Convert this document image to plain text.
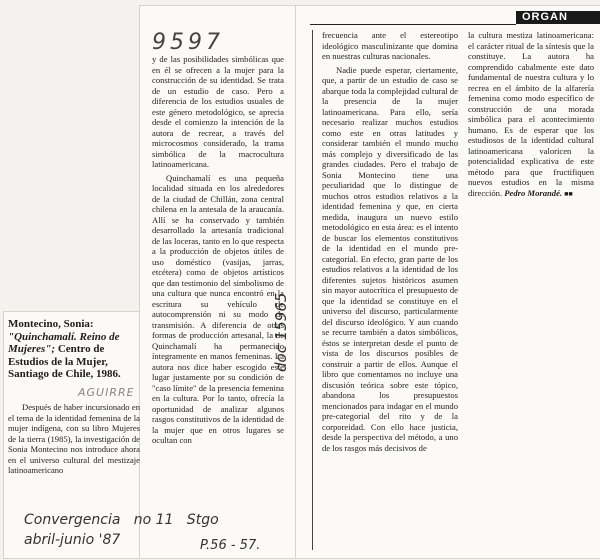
ORGAN
9597

y de las posibilidades simbólicas que en él se ofrecen a la mujer para la construcción de su identidad. Se trata de un estudio de caso. Pero a diferencia de los estudios usuales de este género metodológico, se aprecia desde el comienzo la intención de la autora de recrear, a través del microcosmos considerado, la trama simbólica de la macrocultura latinoamericana.

Quinchamalí es una pequeña localidad situada en los alrededores de la ciudad de Chillán, zona central chilena en la antesala de la araucanía. Allí se ha conservado y también desarrollado la artesanía tradicional de las loceras, tanto en lo que respecta a la producción de objetos útiles de uso doméstico (vasijas, jarras, etcétera) como de objetos artísticos que dan testimonio del simbolismo de una cultura que nunca encontró en la escritura su vehículo de autocomprensión ni su modo de transmisión. A diferencia de otras formas de producción artesanal, la de Quinchamalí ha permanecido íntegramente en manos femeninas. La autora nos dice haber escogido este lugar justamente por su condición de "caso límite" de la presencia femenina en la cultura. Por lo tanto, ofrecía la oportunidad de analizar algunos rasgos constitutivos de la identidad de la mujer que en otros lugares se ocultan con

doc 15965

frecuencia ante el estereotipo ideológico masculinizante que domina en nuestras culturas nacionales.

Nadie puede esperar, ciertamente, que, a partir de un estudio de caso se abarque toda la complejidad cultural de la presencia de la mujer latinoamericana. Para ello, sería necesario realizar muchos estudios como este en otras latitudes y considerar también el mundo mucho más complejo y diversificado de las grandes ciudades. Pero el trabajo de Sonia Montecino tiene una peculiaridad que lo distingue de muchos otros estudios relativos a la identidad femenina y que, en cierta medida, inaugura un nuevo estilo metodológico en esta área: es el intento de buscar los elementos constitutivos de la identidad en el mundo pre-categorial. En efecto, gran parte de los estudios relativos a la identidad de los diferentes sujetos históricos asumen sin mayor autocrítica el presupuesto de que la identidad se constituye en el universo del discurso, particularmente del discurso ideológico. Y aun cuando se recurre también a datos simbólicos, éstos se interpretan desde el punto de vista de los discursos posibles de construir a partir de ellos. Aunque el libro que comentamos no incluye una discusión teórica sobre este tópico, abandona los presupuestos mencionados para indagar en el mundo pre-categorial del rito y de la corporeidad. Con ello hace justicia, desde la perspectiva del método, a uno de los rasgos más decisivos de

la cultura mestiza latinoamericana: el carácter ritual de la síntesis que la constituye. La autora ha comprendido cabalmente este dato fundamental de nuestra cultura y lo recrea en el ámbito de la alfarería femenina como modo específico de construcción de una morada simbólica para el acontecimiento humano. Es de esperar que los estudiosos de la identidad cultural latinoamericana valoricen la potencialidad explicativa de este método para que fructifiquen nuevos estudios en la misma dirección. Pedro Morandé. ■■

Montecino, Sonia: "Quinchamalí. Reino de Mujeres"; Centro de Estudios de la Mujer, Santiago de Chile, 1986.
AGUIRRE

Después de haber incursionado en el tema de la identidad femenina de la mujer indígena, con su libro Mujeres de la tierra (1985), la investigación de Sonia Montecino nos introduce ahora en el universo cultural del mestizaje latinoamericano

Convergencia   no 11   Stgo
abril-junio '87	P.56 - 57.
